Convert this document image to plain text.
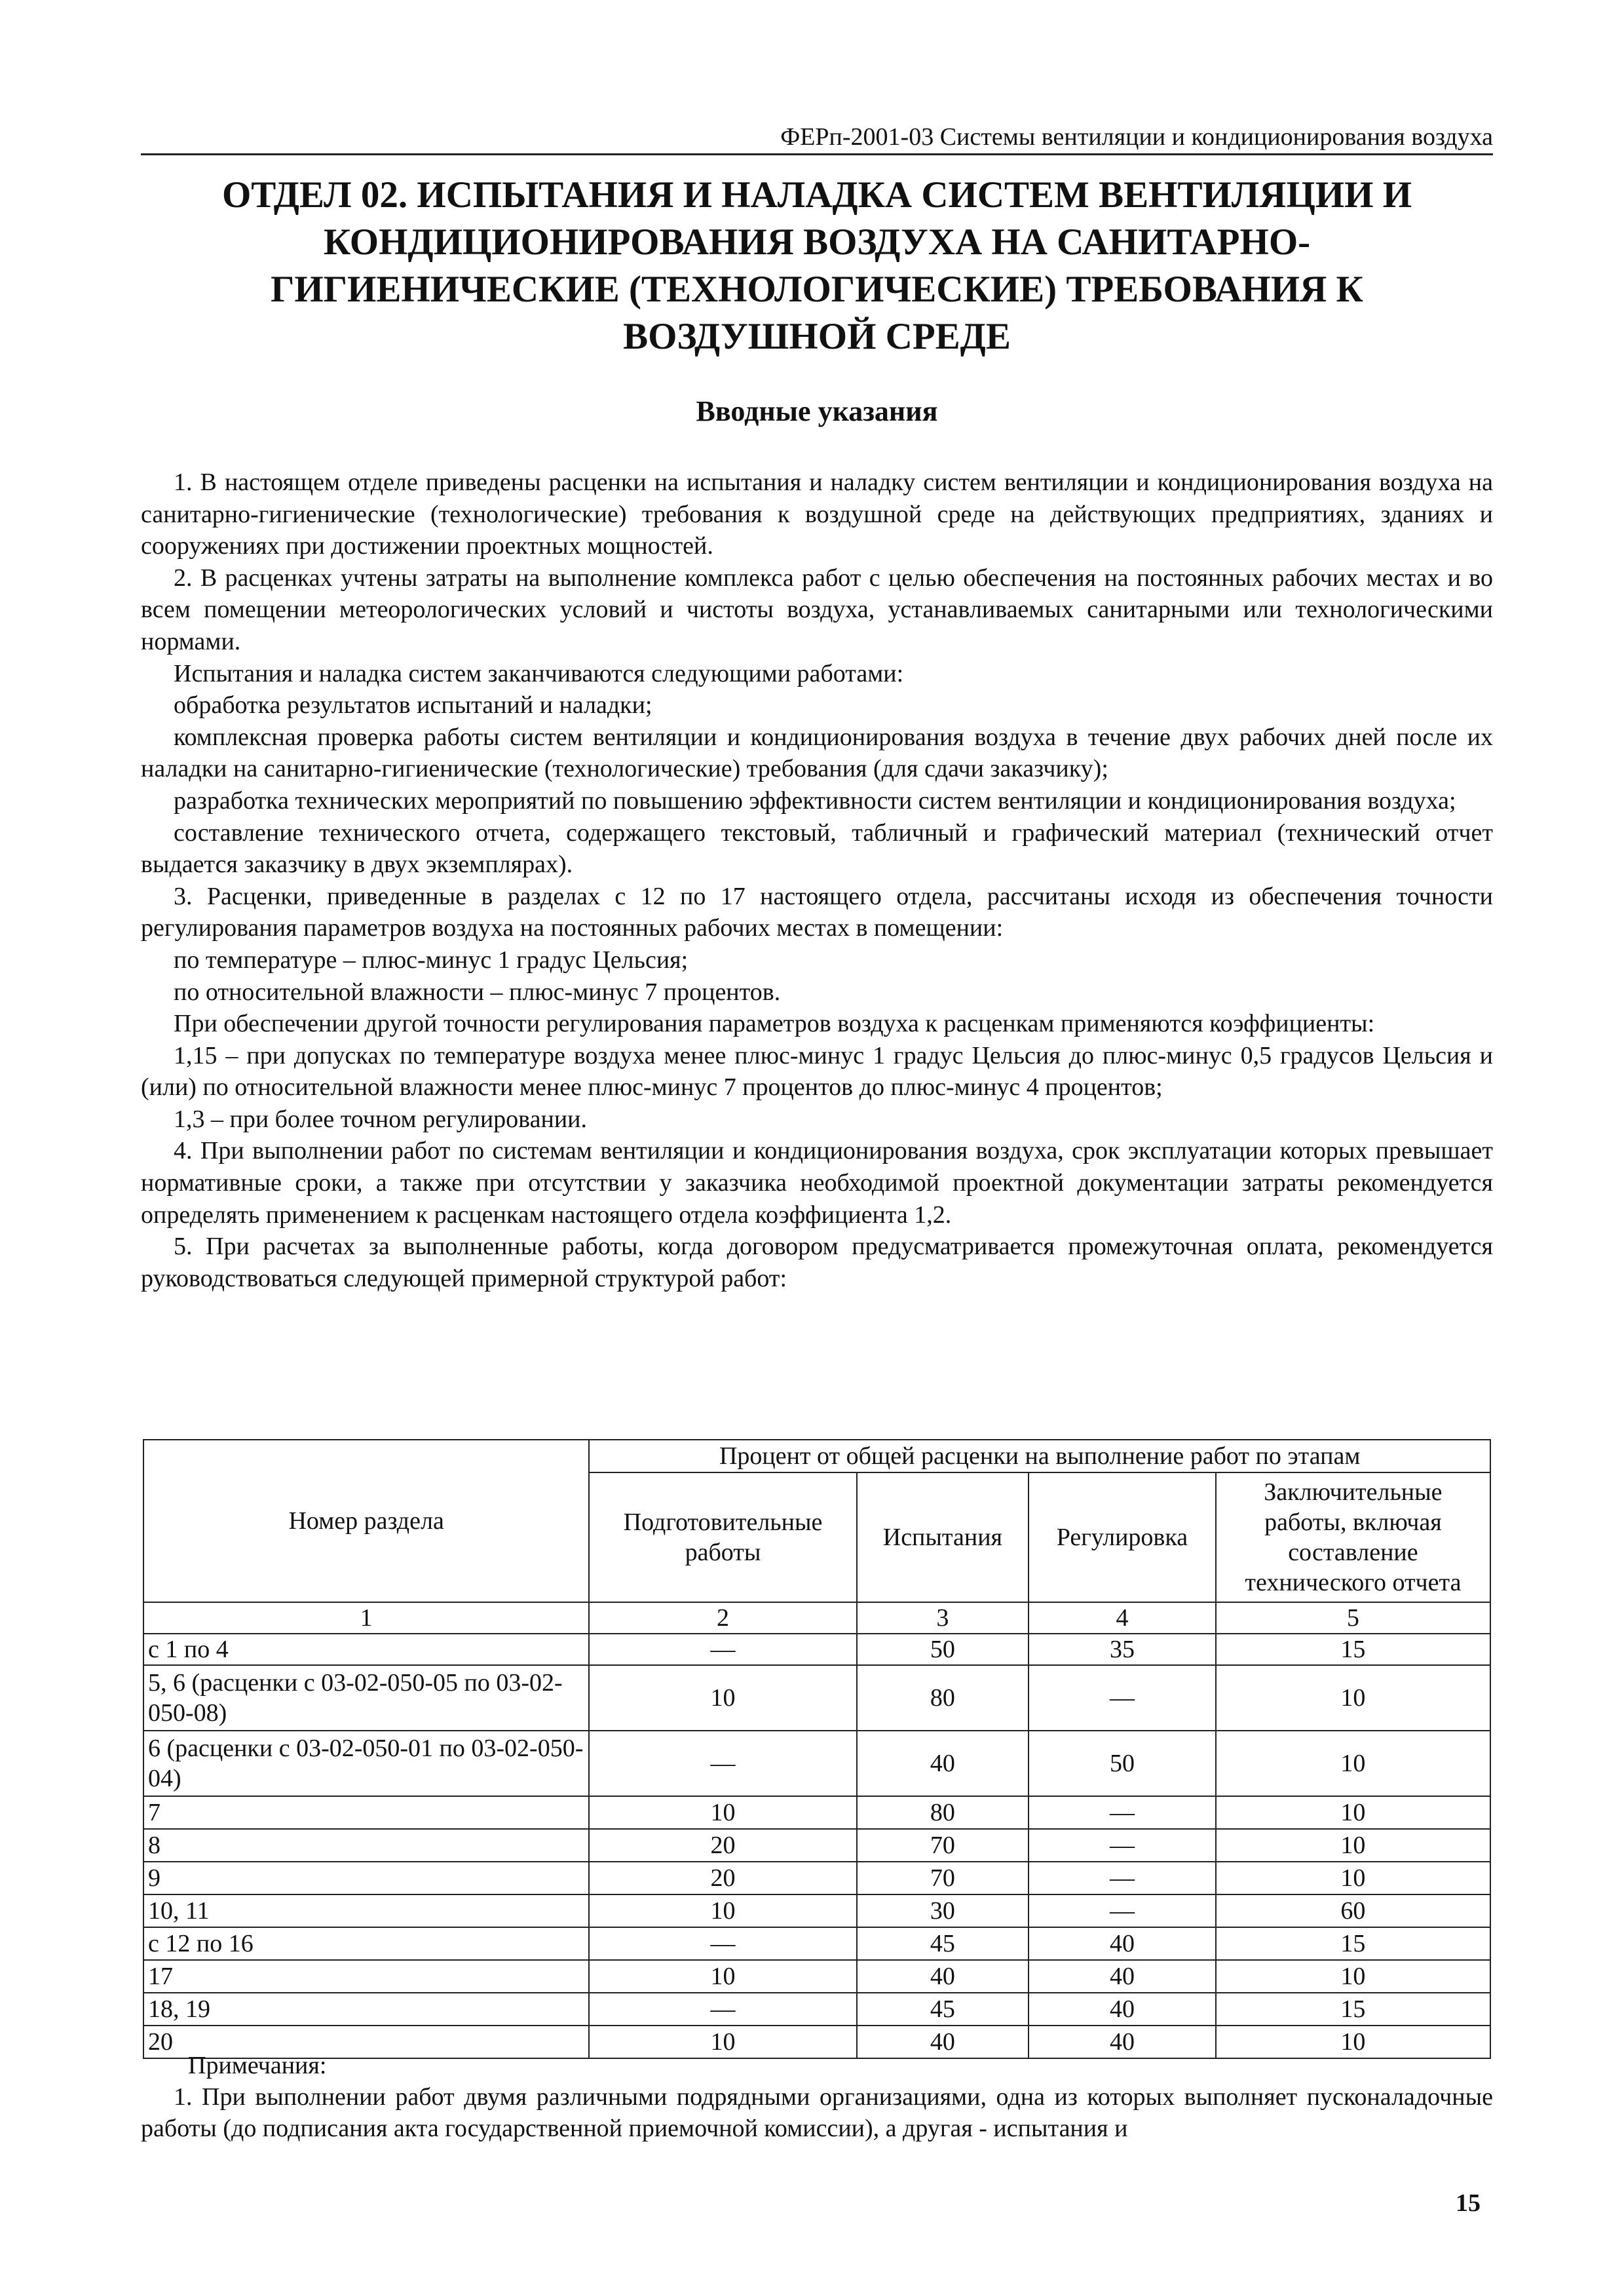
ФЕРп-2001-03 Системы вентиляции и кондиционирования воздуха
ОТДЕЛ 02. ИСПЫТАНИЯ И НАЛАДКА СИСТЕМ ВЕНТИЛЯЦИИ И
КОНДИЦИОНИРОВАНИЯ ВОЗДУХА НА САНИТАРНО-
ГИГИЕНИЧЕСКИЕ (ТЕХНОЛОГИЧЕСКИЕ) ТРЕБОВАНИЯ К
ВОЗДУШНОЙ СРЕДЕ
Вводные указания

1. В настоящем отделе приведены расценки на испытания и наладку систем вентиляции и кондиционирования воздуха на санитарно-гигиенические (технологические) требования к воздушной среде на действующих предприятиях, зданиях и сооружениях при достижении проектных мощностей.

2. В расценках учтены затраты на выполнение комплекса работ с целью обеспечения на постоянных рабочих местах и во всем помещении метеорологических условий и чистоты воздуха, устанавливаемых санитарными или технологическими нормами.

Испытания и наладка систем заканчиваются следующими работами:

обработка результатов испытаний и наладки;

комплексная проверка работы систем вентиляции и кондиционирования воздуха в течение двух рабочих дней после их наладки на санитарно-гигиенические (технологические) требования (для сдачи заказчику);

разработка технических мероприятий по повышению эффективности систем вентиляции и кондиционирования воздуха;

составление технического отчета, содержащего текстовый, табличный и графический материал (технический отчет выдается заказчику в двух экземплярах).

3. Расценки, приведенные в разделах с 12 по 17 настоящего отдела, рассчитаны исходя из обеспечения точности регулирования параметров воздуха на постоянных рабочих местах в помещении:

по температуре – плюс-минус 1 градус Цельсия;

по относительной влажности – плюс-минус 7 процентов.

При обеспечении другой точности регулирования параметров воздуха к расценкам применяются коэффициенты:

1,15 – при допусках по температуре воздуха менее плюс-минус 1 градус Цельсия до плюс-минус 0,5 градусов Цельсия и (или) по относительной влажности менее плюс-минус 7 процентов до плюс-минус 4 процентов;

1,3 – при более точном регулировании.

4. При выполнении работ по системам вентиляции и кондиционирования воздуха, срок эксплуатации которых превышает нормативные сроки, а также при отсутствии у заказчика необходимой проектной документации затраты рекомендуется определять применением к расценкам настоящего отдела коэффициента 1,2.

5. При расчетах за выполненные работы, когда договором предусматривается промежуточная оплата, рекомендуется руководствоваться следующей примерной структурой работ:

Номер раздела	Процент от общей расценки на выполнение работ по этапам			
	Подготовительные работы	Испытания	Регулировка	Заключительные работы, включая составление технического отчета
1	2	3	4	5
с 1 по 4	—	50	35	15
5, 6 (расценки с 03-02-050-05 по 03-02-050-08)	10	80	—	10
6 (расценки с 03-02-050-01 по 03-02-050-04)	—	40	50	10
7	10	80	—	10
8	20	70	—	10
9	20	70	—	10
10, 11	10	30	—	60
с 12 по 16	—	45	40	15
17	10	40	40	10
18, 19	—	45	40	15
20	10	40	40	10
Примечания:

1. При выполнении работ двумя различными подрядными организациями, одна из которых выполняет пусконаладочные работы (до подписания акта государственной приемочной комиссии), а другая - испытания и

15
